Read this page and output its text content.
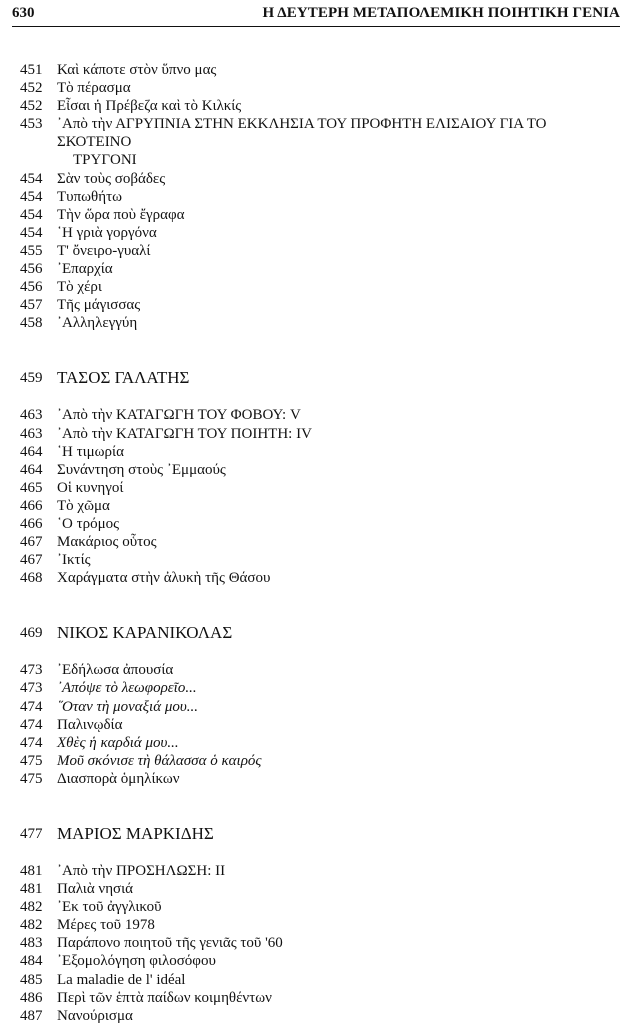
630	Η ΔΕΥΤΕΡΗ ΜΕΤΑΠΟΛΕΜΙΚΗ ΠΟΙΗΤΙΚΗ ΓΕΝΙΑ
451 Καὶ κάποτε στὸν ὕπνο μας
452 Τὸ πέρασμα
452 Εἶσαι ἡ Πρέβεζα καὶ τὸ Κιλκίς
453 ᾿Απὸ τὴν ΑΓΡΥΠΝΙΑ ΣΤΗΝ ΕΚΚΛΗΣΙΑ ΤΟΥ ΠΡΟΦΗΤΗ ΕΛΙΣΑΙΟΥ ΓΙΑ ΤΟ ΣΚΟΤΕΙΝΟ
ΤΡΥΓΟΝΙ
454 Σὰν τοὺς σοβάδες
454 Τυπωθήτω
454 Τὴν ὥρα ποὺ ἔγραφα
454 ῾Η γριὰ γοργόνα
455 Τ' ὄνειρο-γυαλί
456 ᾿Επαρχία
456 Τὸ χέρι
457 Τῆς μάγισσας
458 ᾿Αλληλεγγύη
459 ΤΑΣΟΣ ΓΑΛΑΤΗΣ
463 ᾿Απὸ τὴν ΚΑΤΑΓΩΓΗ ΤΟΥ ΦΟΒΟΥ: V
463 ᾿Απὸ τὴν ΚΑΤΑΓΩΓΗ ΤΟΥ ΠΟΙΗΤΗ: IV
464 ῾Η τιμωρία
464 Συνάντηση στοὺς ᾿Εμμαούς
465 Οἱ κυνηγοί
466 Τὸ χῶμα
466 ῾Ο τρόμος
467 Μακάριος οὗτος
467 ᾿Ικτίς
468 Χαράγματα στὴν ἀλυκὴ τῆς Θάσου
469 ΝΙΚΟΣ ΚΑΡΑΝΙΚΟΛΑΣ
473 ᾿Εδήλωσα ἀπουσία
473 ᾿Απόψε τὸ λεωφορεῖο...
474 ῞Οταν τὴ μοναξιά μου...
474 Παλινῳδία
474 Χθὲς ἡ καρδιά μου...
475 Μοῦ σκόνισε τὴ θάλασσα ὁ καιρός
475 Διασπορὰ ὁμηλίκων
477 ΜΑΡΙΟΣ ΜΑΡΚΙΔΗΣ
481 ᾿Απὸ τὴν ΠΡΟΣΗΛΩΣΗ: ΙΙ
481 Παλιὰ νησιά
482 ᾿Εκ τοῦ ἀγγλικοῦ
482 Μέρες τοῦ 1978
483 Παράπονο ποιητοῦ τῆς γενιᾶς τοῦ '60
484 ᾿Εξομολόγηση φιλοσόφου
485 La maladie de l' idéal
486 Περὶ τῶν ἑπτὰ παίδων κοιμηθέντων
487 Νανούρισμα
